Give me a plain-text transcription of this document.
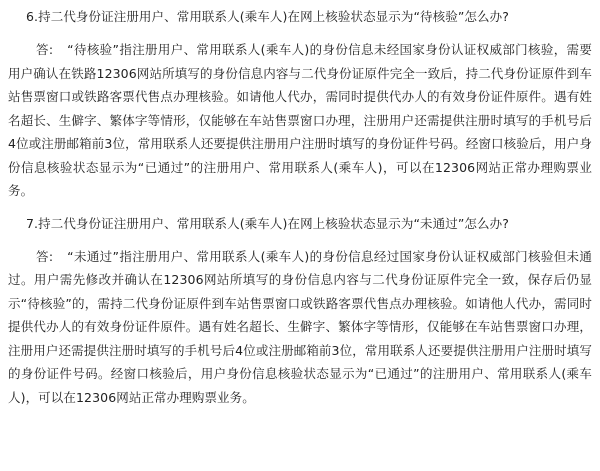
6.持二代身份证注册用户、常用联系人(乘车人)在网上核验状态显示为“待核验”怎么办?

答: “待核验”指注册用户、常用联系人(乘车人)的身份信息未经国家身份认证权威部门核验，需要用户确认在铁路12306网站所填写的身份信息内容与二代身份证原件完全一致后，持二代身份证原件到车站售票窗口或铁路客票代售点办理核验。如请他人代办，需同时提供代办人的有效身份证件原件。遇有姓名超长、生僻字、繁体字等情形，仅能够在车站售票窗口办理，注册用户还需提供注册时填写的手机号后4位或注册邮箱前3位，常用联系人还要提供注册用户注册时填写的身份证件号码。经窗口核验后，用户身份信息核验状态显示为“已通过”的注册用户、常用联系人(乘车人)，可以在12306网站正常办理购票业务。

7.持二代身份证注册用户、常用联系人(乘车人)在网上核验状态显示为“未通过”怎么办?

答: “未通过”指注册用户、常用联系人(乘车人)的身份信息经过国家身份认证权威部门核验但未通过。用户需先修改并确认在12306网站所填写的身份信息内容与二代身份证原件完全一致，保存后仍显示“待核验”的，需持二代身份证原件到车站售票窗口或铁路客票代售点办理核验。如请他人代办，需同时提供代办人的有效身份证件原件。遇有姓名超长、生僻字、繁体字等情形，仅能够在车站售票窗口办理，注册用户还需提供注册时填写的手机号后4位或注册邮箱前3位，常用联系人还要提供注册用户注册时填写的身份证件号码。经窗口核验后，用户身份信息核验状态显示为“已通过”的注册用户、常用联系人(乘车人)，可以在12306网站正常办理购票业务。
